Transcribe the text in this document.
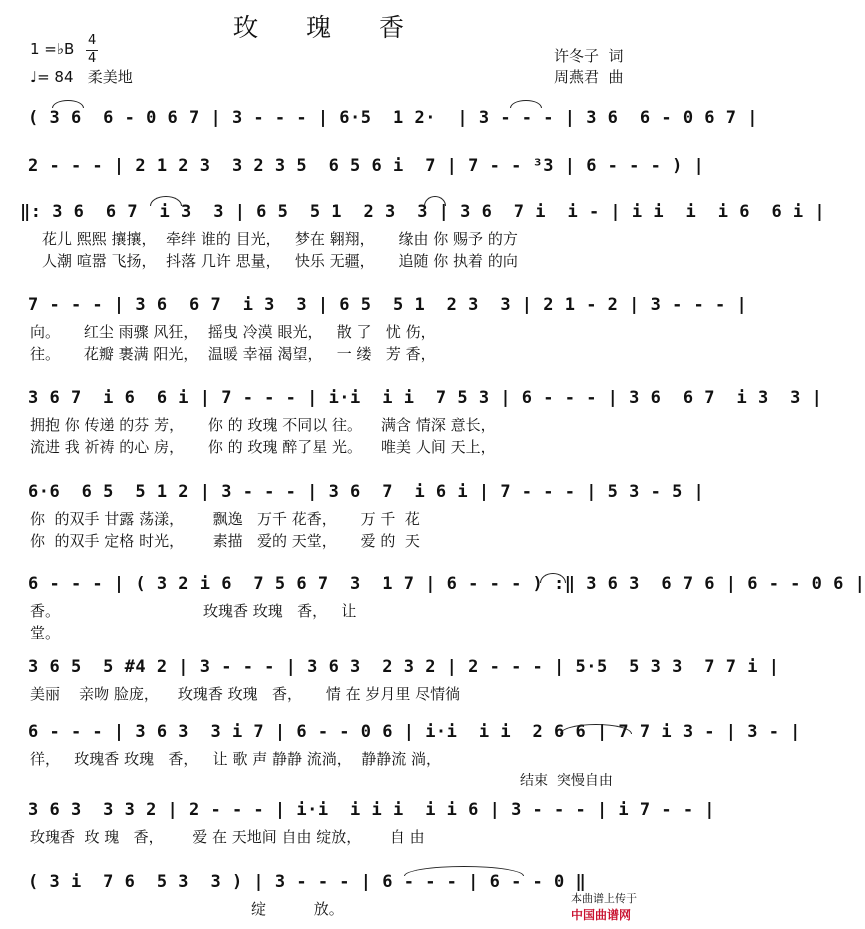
玫 瑰 香
1 =♭B 4
4
♩= 84   柔美地
许冬子  词
周燕君  曲
( 3 6  6 - 0 6 7 | 3 - - - | 6·5  1 2·  | 3 - - - | 3 6  6 - 0 6 7 |
2 - - - | 2 1 2 3  3 2 3 5  6 5 6 i  7 | 7 - - ³3 | 6 - - - ) |
‖: 3 6  6 7  i 3  3 | 6 5  5 1  2 3  3 | 3 6  7 i  i - | i i  i  i 6  6 i |
花儿 熙熙 攘攘，  牵绊 谁的 目光，   梦在 翱翔，     缘由 你 赐予 的方
人潮 喧嚣 飞扬，  抖落 几许 思量，   快乐 无疆，     追随 你 执着 的向
7 - - - | 3 6  6 7  i 3  3 | 6 5  5 1  2 3  3 | 2 1 - 2 | 3 - - - |
向。     红尘 雨骤 风狂，  摇曳 冷漠 眼光，   散 了   忧 伤，
往。     花瓣 裹满 阳光，  温暖 幸福 渴望，   一 缕   芳 香，
3 6 7  i 6  6 i | 7 - - - | i·i  i i  7 5 3 | 6 - - - | 3 6  6 7  i 3  3 |
拥抱 你 传递 的芬 芳，     你 的 玫瑰 不同以 往。    满含 情深 意长，
流进 我 祈祷 的心 房，     你 的 玫瑰 醉了星 光。    唯美 人间 天上，
6·6  6 5  5 1 2 | 3 - - - | 3 6  7  i 6 i | 7 - - - | 5 3 - 5 |
你  的双手 甘露 荡漾，      飘逸   万千 花香，     万 千  花
你  的双手 定格 时光，      素描   爱的 天堂，     爱 的  天
6 - - - | ( 3 2 i 6  7 5 6 7  3  1 7 | 6 - - - ) :‖ 3 6 3  6 7 6 | 6 - - 0 6 |
香。                              玫瑰香 玫瑰   香，   让
堂。
3 6 5  5 #4 2 | 3 - - - | 3 6 3  2 3 2 | 2 - - - | 5·5  5 3 3  7 7 i |
美丽    亲吻 脸庞，    玫瑰香 玫瑰   香，     情 在 岁月里 尽情徜
6 - - - | 3 6 3  3 i 7 | 6 - - 0 6 | i·i  i i  2 6 6 | 7 7 i 3 - | 3 - |
徉，   玫瑰香 玫瑰   香，   让 歌 声 静静 流淌，  静静流 淌，
结束  突慢自由
3 6 3  3 3 2 | 2 - - - | i·i  i i i  i i 6 | 3 - - - | i 7 - - |
玫瑰香  玫 瑰   香，      爱 在 天地间 自由 绽放，      自 由
( 3 i  7 6  5 3  3 ) | 3 - - - | 6 - - - | 6 - - 0 ‖
绽          放。

本曲谱上传于
中国曲谱网
